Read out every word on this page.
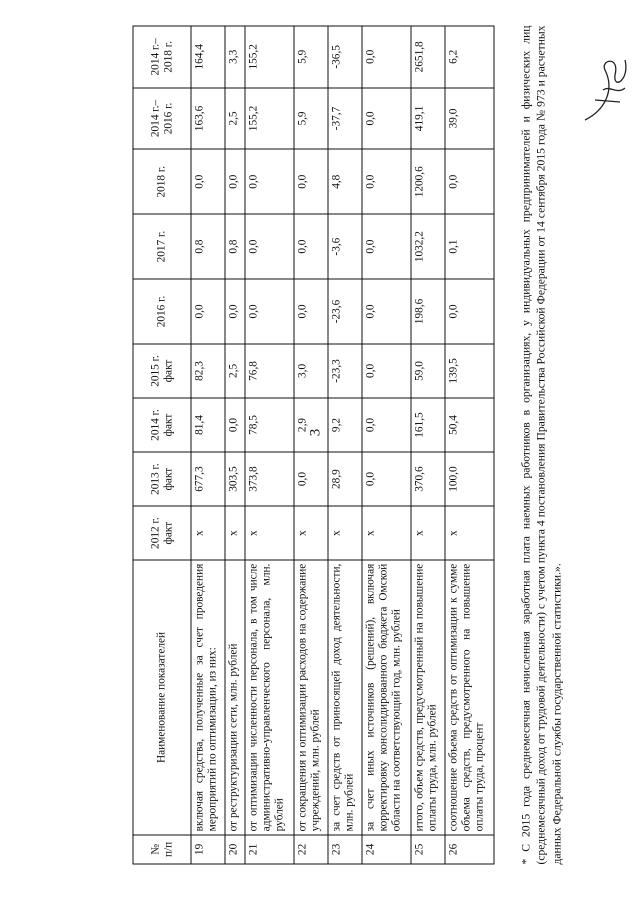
3
№ п/п	Наименование показателей	2012 г. факт	2013 г. факт	2014 г. факт	2015 г. факт	2016 г.	2017 г.	2018 г.	2014 г.– 2016 г.	2014 г.– 2018 г.
19	включая средства, полученные за счет проведения мероприятий по оптимизации, из них:	х	677,3	81,4	82,3	0,0	0,8	0,0	163,6	164,4
20	от реструктуризации сети, млн. рублей	х	303,5	0,0	2,5	0,0	0,8	0,0	2,5	3,3
21	от оптимизации численности персонала, в том числе административно-управленческого персонала, млн. рублей	х	373,8	78,5	76,8	0,0	0,0	0,0	155,2	155,2
22	от сокращения и оптимизации расходов на содержание учреждений, млн. рублей	х	0,0	2,9	3,0	0,0	0,0	0,0	5,9	5,9
23	за счет средств от приносящей доход деятельности, млн. рублей	х	28,9	9,2	-23,3	-23,6	-3,6	4,8	-37,7	-36,5
24	за счет иных источников (решений), включая корректировку консолидированного бюджета Омской области на соответствующий год, млн. рублей	х	0,0	0,0	0,0	0,0	0,0	0,0	0,0	0,0
25	итого, объем средств, предусмотренный на повышение оплаты труда, млн. рублей	х	370,6	161,5	59,0	198,6	1032,2	1200,6	419,1	2651,8
26	соотношение объема средств от оптимизации к сумме объема средств, предусмотренного на повышение оплаты труда, процент	х	100,0	50,4	139,5	0,0	0,1	0,0	39,0	6,2	* С 2015 года среднемесячная начисленная заработная плата наемных работников в организациях, у индивидуальных предпринимателей и физических лиц (среднемесячный доход от трудовой деятельности) с учетом пункта 4 постановления Правительства Российской Федерации от 14 сентября 2015 года № 973 и расчетных данных Федеральной службы государственной статистики.».
